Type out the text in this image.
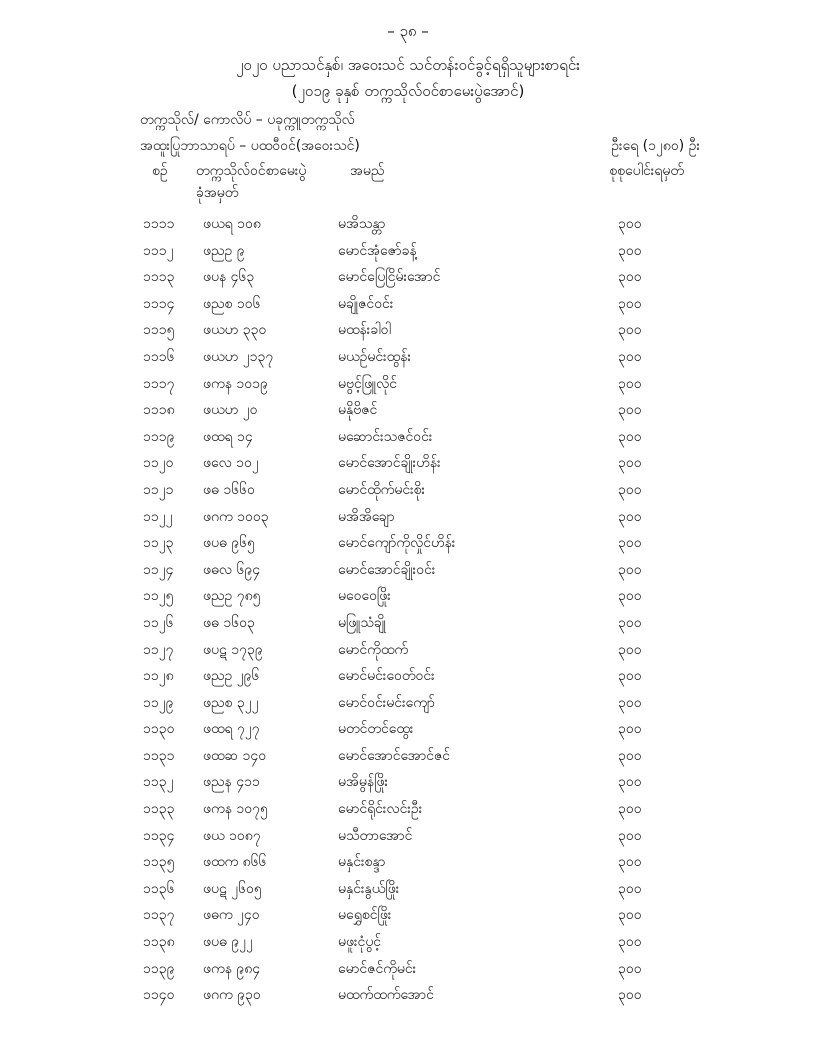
– ၃၈ –
၂၀၂၀ ပညာသင်နှစ်၊ အဝေးသင် သင်တန်းဝင်ခွင့်ရရှိသူများစာရင်း
(၂၀၁၉ ခုနှစ် တက္ကသိုလ်ဝင်စာမေးပွဲအောင်)
တက္ကသိုလ်/ ကောလိပ် – ပခုက္ကူတက္ကသိုလ်
အထူးပြုဘာသာရပ် – ပထဝီဝင်(အဝေးသင်)	ဦးရေ (၁၂၈၀) ဦး
စဉ် တက္ကသိုလ်ဝင်စာမေးပွဲ
ခုံအမှတ်
အမည်	စုစုပေါင်းရမှတ်
၁၁၁၁	ဖယရ ၁၀၈	မအိသန္တာ	၃၀၀
၁၁၁၂	ဖညဥ ၉	မောင်အုံဇော်ခန့်	၃၀၀
၁၁၁၃	ဖပန ၄၆၃	မောင်ပြေငြိမ်းအောင်	၃၀၀
၁၁၁၄	ဖညစ ၁၀၆	မချိုဇင်ဝင်း	၃၀၀
၁၁၁၅	ဖယဟ ၃၃၀	မထန်းခါဝါ	၃၀၀
၁၁၁၆	ဖယဟ ၂၁၃၇	မယဉ်မင်းထွန်း	၃၀၀
၁၁၁၇	ဖကန ၁၀၁၉	မဗွင့်ဖြူလိုင်	၃၀၀
၁၁၁၈	ဖယဟ ၂၀	မနိုဗိဇင်	၃၀၀
၁၁၁၉	ဖထရ ၁၄	မဆောင်းသဇင်ဝင်း	၃၀၀
၁၁၂၀	ဖလေ ၁၀၂	မောင်အောင်ချိုးဟိန်း	၃၀၀
၁၁၂၁	ဖဓ ၁၆၆၀	မောင်ထိုက်မင်းစိုး	၃၀၀
၁၁၂၂	ဖဂက ၁၀၀၃	မအိအိချော	၃၀၀
၁၁၂၃	ဖပဓ ၉၆၅	မောင်ကျော်ကိုလှိုင်ဟိန်း	၃၀၀
၁၁၂၄	ဖဓလ ၆၉၄	မောင်အောင်ချိုးဝင်း	၃၀၀
၁၁၂၅	ဖညဥ ၇၈၅	မဝေဝေဖြိုး	၃၀၀
၁၁၂၆	ဖဓ ၁၆၀၃	မဖြူသံချို	၃၀၀
၁၁၂၇	ဖပဋ ၁၇၃၉	မောင်ကိုထက်	၃၀၀
၁၁၂၈	ဖညဥ ၂၉၆	မောင်မင်းဝေတ်ဝင်း	၃၀၀
၁၁၂၉	ဖညစ ၃၂၂	မောင်ဝင်းမင်းကျော်	၃၀၀
၁၁၃၀	ဖထရ ၇၂၇	မတင်တင်ထွေး	၃၀၀
၁၁၃၁	ဖထဆ ၁၄၀	မောင်အောင်အောင်ဇင်	၃၀၀
၁၁၃၂	ဖညန ၄၁၁	မအိမွန်ဖြိုး	၃၀၀
၁၁၃၃	ဖကန ၁၀၇၅	မောင်ရိုင်းလင်းဦး	၃၀၀
၁၁၃၄	ဖယ ၁၀၈၇	မသီတာအောင်	၃၀၀
၁၁၃၅	ဖထက ၈၆၆	မနှင်းစန္ဒာ	၃၀၀
၁၁၃၆	ဖပဋ ၂၆၀၅	မနှင်းနွယ်ဖြိုး	၃၀၀
၁၁၃၇	ဖဓက ၂၄၀	မရွှေစင်ဖြိုး	၃၀၀
၁၁၃၈	ဖပဓ ၉၂၂	မဖူးငုံပွင့်	၃၀၀
၁၁၃၉	ဖကန ၉၈၄	မောင်ဇင်ကိုမင်း	၃၀၀
၁၁၄၀	ဖဂက ၉၃၀	မထက်ထက်အောင်	၃၀၀
